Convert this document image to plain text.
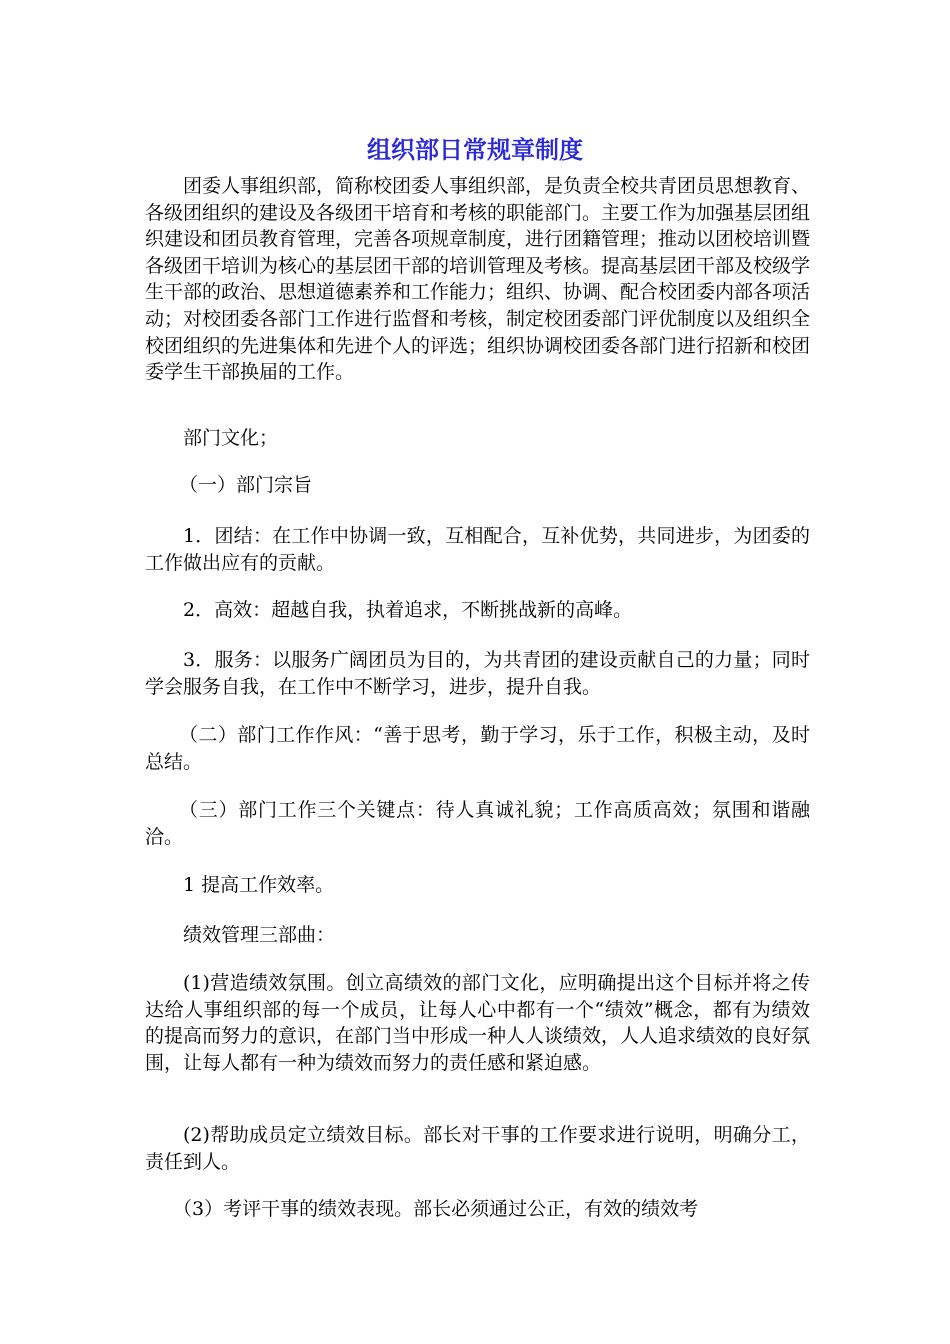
组织部日常规章制度

团委人事组织部，简称校团委人事组织部，是负责全校共青团员思想教育、各级团组织的建设及各级团干培育和考核的职能部门。主要工作为加强基层团组织建设和团员教育管理，完善各项规章制度，进行团籍管理；推动以团校培训暨各级团干培训为核心的基层团干部的培训管理及考核。提高基层团干部及校级学生干部的政治、思想道德素养和工作能力；组织、协调、配合校团委内部各项活动；对校团委各部门工作进行监督和考核，制定校团委部门评优制度以及组织全校团组织的先进集体和先进个人的评选；组织协调校团委各部门进行招新和校团委学生干部换届的工作。

部门文化；

（一）部门宗旨

1．团结：在工作中协调一致，互相配合，互补优势，共同进步，为团委的工作做出应有的贡献。

2．高效：超越自我，执着追求，不断挑战新的高峰。

3．服务：以服务广阔团员为目的，为共青团的建设贡献自己的力量；同时学会服务自我，在工作中不断学习，进步，提升自我。

（二）部门工作作风：“善于思考，勤于学习，乐于工作，积极主动，及时总结。

（三）部门工作三个关键点：待人真诚礼貌；工作高质高效；氛围和谐融洽。

1 提高工作效率。

绩效管理三部曲：

(1)营造绩效氛围。创立高绩效的部门文化，应明确提出这个目标并将之传达给人事组织部的每一个成员，让每人心中都有一个“绩效”概念，都有为绩效的提高而努力的意识，在部门当中形成一种人人谈绩效，人人追求绩效的良好氛围，让每人都有一种为绩效而努力的责任感和紧迫感。

(2)帮助成员定立绩效目标。部长对干事的工作要求进行说明，明确分工，责任到人。

（3）考评干事的绩效表现。部长必须通过公正，有效的绩效考
